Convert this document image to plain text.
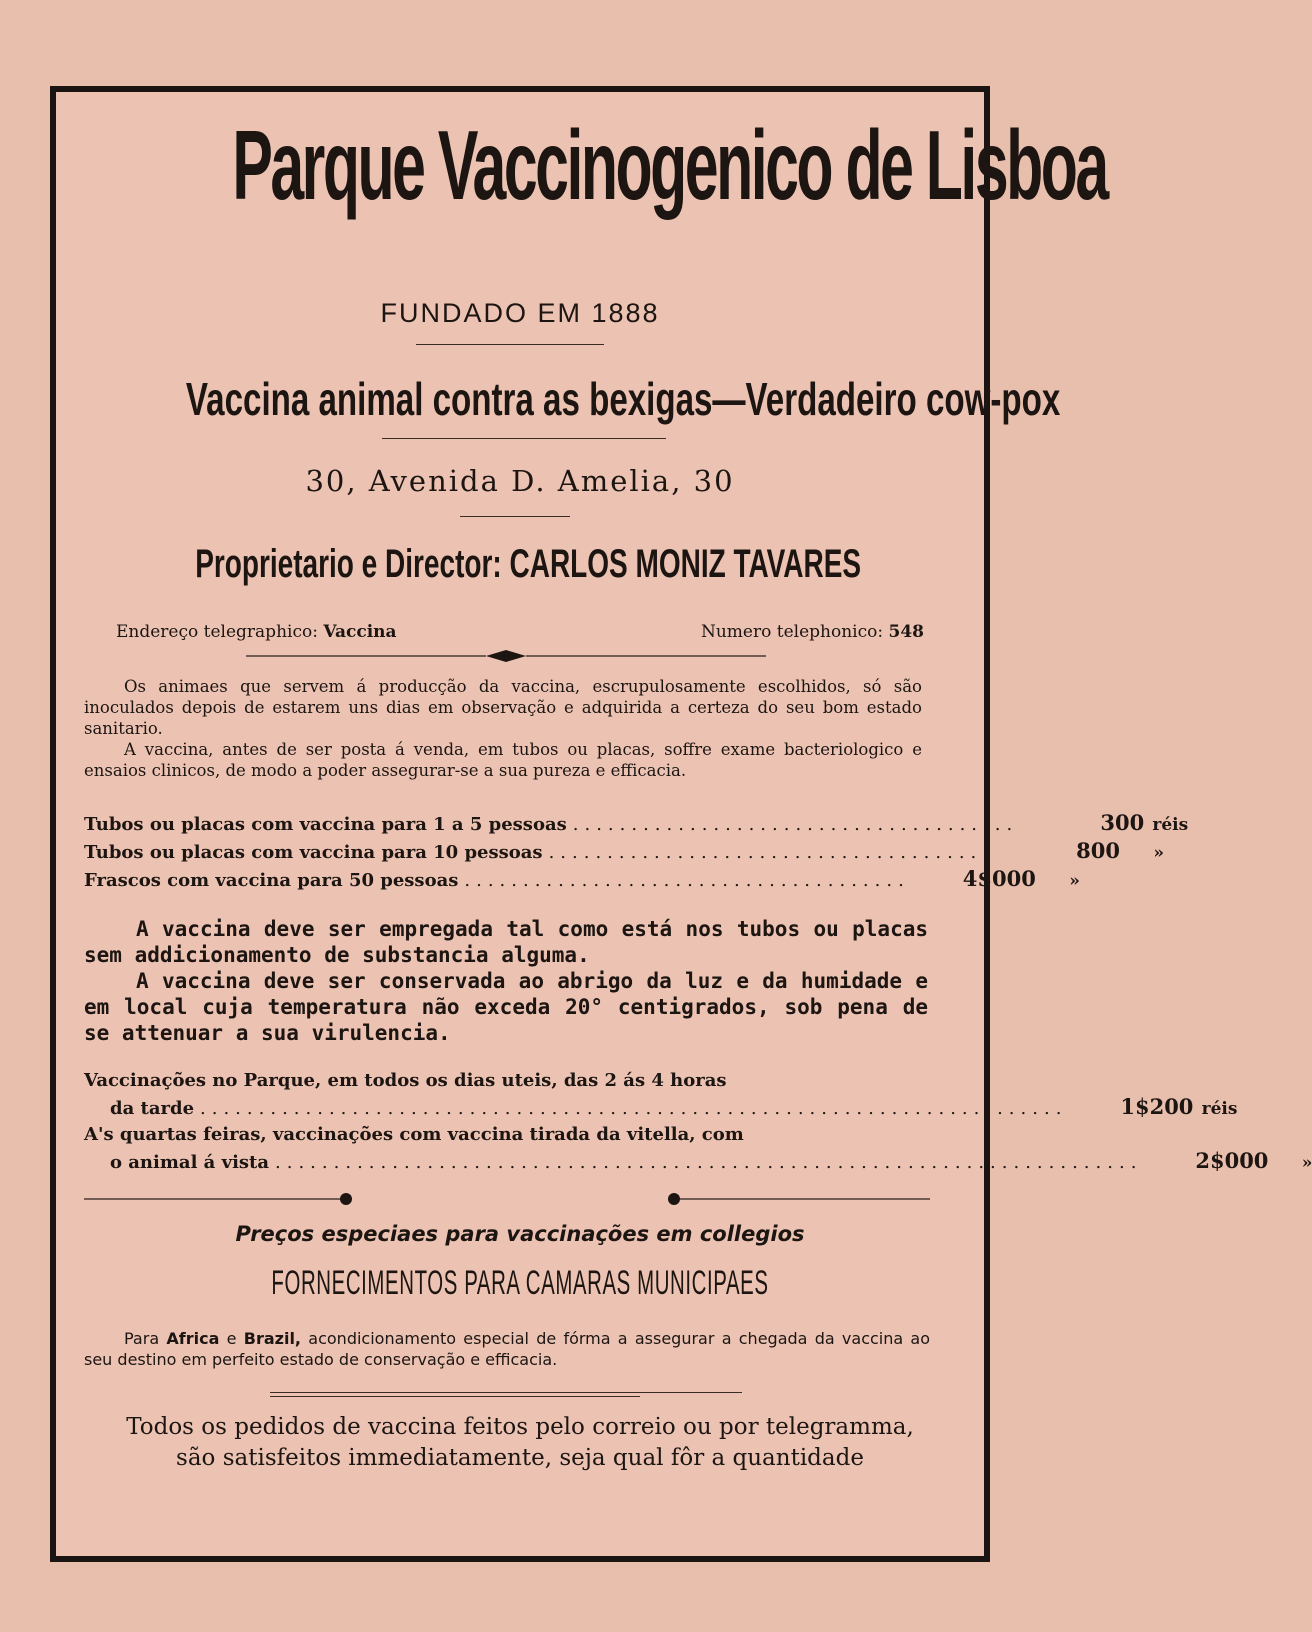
Parque Vaccinogenico de Lisboa
FUNDADO EM 1888
Vaccina animal contra as bexigas—Verdadeiro cow-pox
30, Avenida D. Amelia, 30
Proprietario e Director: CARLOS MONIZ TAVARES
Endereço telegraphico: Vaccina	Numero telephonico: 548

Os animaes que servem á producção da vaccina, escrupulosamente escolhidos, só são inoculados depois de estarem uns dias em observação e adquirida a certeza do seu bom estado sanitario.

A vaccina, antes de ser posta á venda, em tubos ou placas, soffre exame bacteriologico e ensaios clinicos, de modo a poder assegurar-se a sua pureza e efficacia.

Tubos ou placas com vaccina para 1 a 5 pessoas ......................................	300 réis
Tubos ou placas com vaccina para 10 pessoas ......................................	800	»
Frascos com vaccina para 50 pessoas ......................................	4$000	»

A vaccina deve ser empregada tal como está nos tubos ou placas sem addicionamento de substancia alguma.

A vaccina deve ser conservada ao abrigo da luz e da humidade e em local cuja temperatura não exceda 20° centigrados, sob pena de se attenuar a sua virulencia.

Vaccinações no Parque, em todos os dias uteis, das 2 ás 4 horas
da tarde ..........................................................................	1$200 réis
A's quartas feiras, vaccinações com vaccina tirada da vitella, com
o animal á vista ..........................................................................	2$000	»
Preços especiaes para vaccinações em collegios
FORNECIMENTOS PARA CAMARAS MUNICIPAES

Para Africa e Brazil, acondicionamento especial de fórma a assegurar a chegada da vaccina ao seu destino em perfeito estado de conservação e efficacia.

Todos os pedidos de vaccina feitos pelo correio ou por telegramma,
são satisfeitos immediatamente, seja qual fôr a quantidade
